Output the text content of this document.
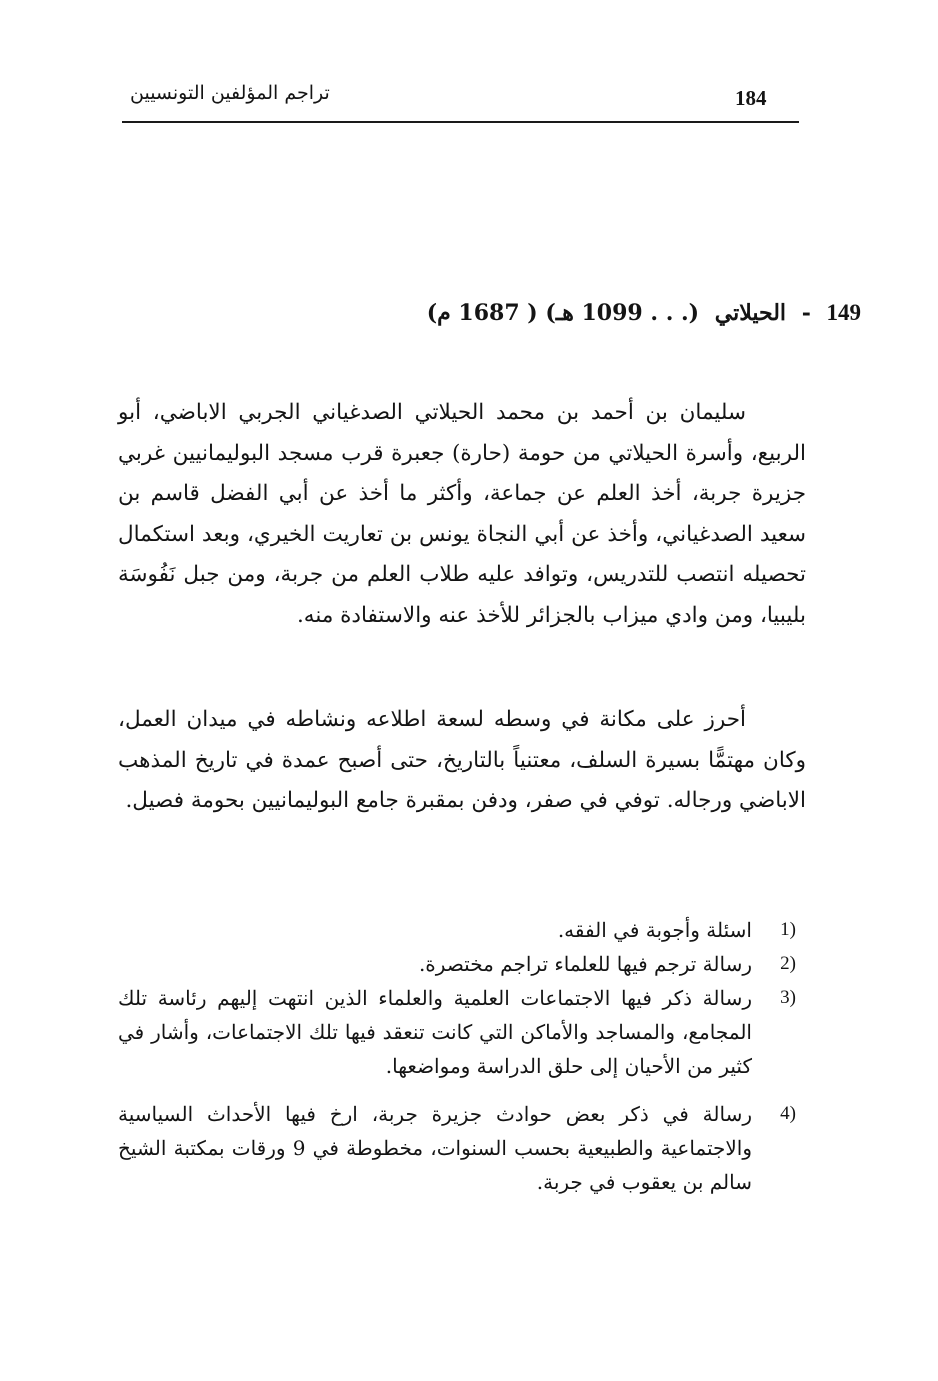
184
تراجم المؤلفين التونسيين
149 - الحيلاتي (. . . 1099 هـ) ( 1687 م)

سليمان بن أحمد بن محمد الحيلاتي الصدغياني الجربي الاباضي، أبو الربيع، وأسرة الحيلاتي من حومة (حارة) جعبرة قرب مسجد البوليمانيين غربي جزيرة جربة، أخذ العلم عن جماعة، وأكثر ما أخذ عن أبي الفضل قاسم بن سعيد الصدغياني، وأخذ عن أبي النجاة يونس بن تعاريت الخيري، وبعد استكمال تحصيله انتصب للتدريس، وتوافد عليه طلاب العلم من جربة، ومن جبل نَفُوسَة بليبيا، ومن وادي ميزاب بالجزائر للأخذ عنه والاستفادة منه.

أحرز على مكانة في وسطه لسعة اطلاعه ونشاطه في ميدان العمل، وكان مهتمًّا بسيرة السلف، معتنياً بالتاريخ، حتى أصبح عمدة في تاريخ المذهب الاباضي ورجاله. توفي في صفر، ودفن بمقبرة جامع البوليمانيين بحومة فصيل.

1)
اسئلة وأجوبة في الفقه.
2)
رسالة ترجم فيها للعلماء تراجم مختصرة.
3)
رسالة ذكر فيها الاجتماعات العلمية والعلماء الذين انتهت إليهم رئاسة تلك المجامع، والمساجد والأماكن التي كانت تنعقد فيها تلك الاجتماعات، وأشار في كثير من الأحيان إلى حلق الدراسة ومواضعها.
4)
رسالة في ذكر بعض حوادث جزيرة جربة، ارخ فيها الأحداث السياسية والاجتماعية والطبيعية بحسب السنوات، مخطوطة في 9 ورقات بمكتبة الشيخ سالم بن يعقوب في جربة.
